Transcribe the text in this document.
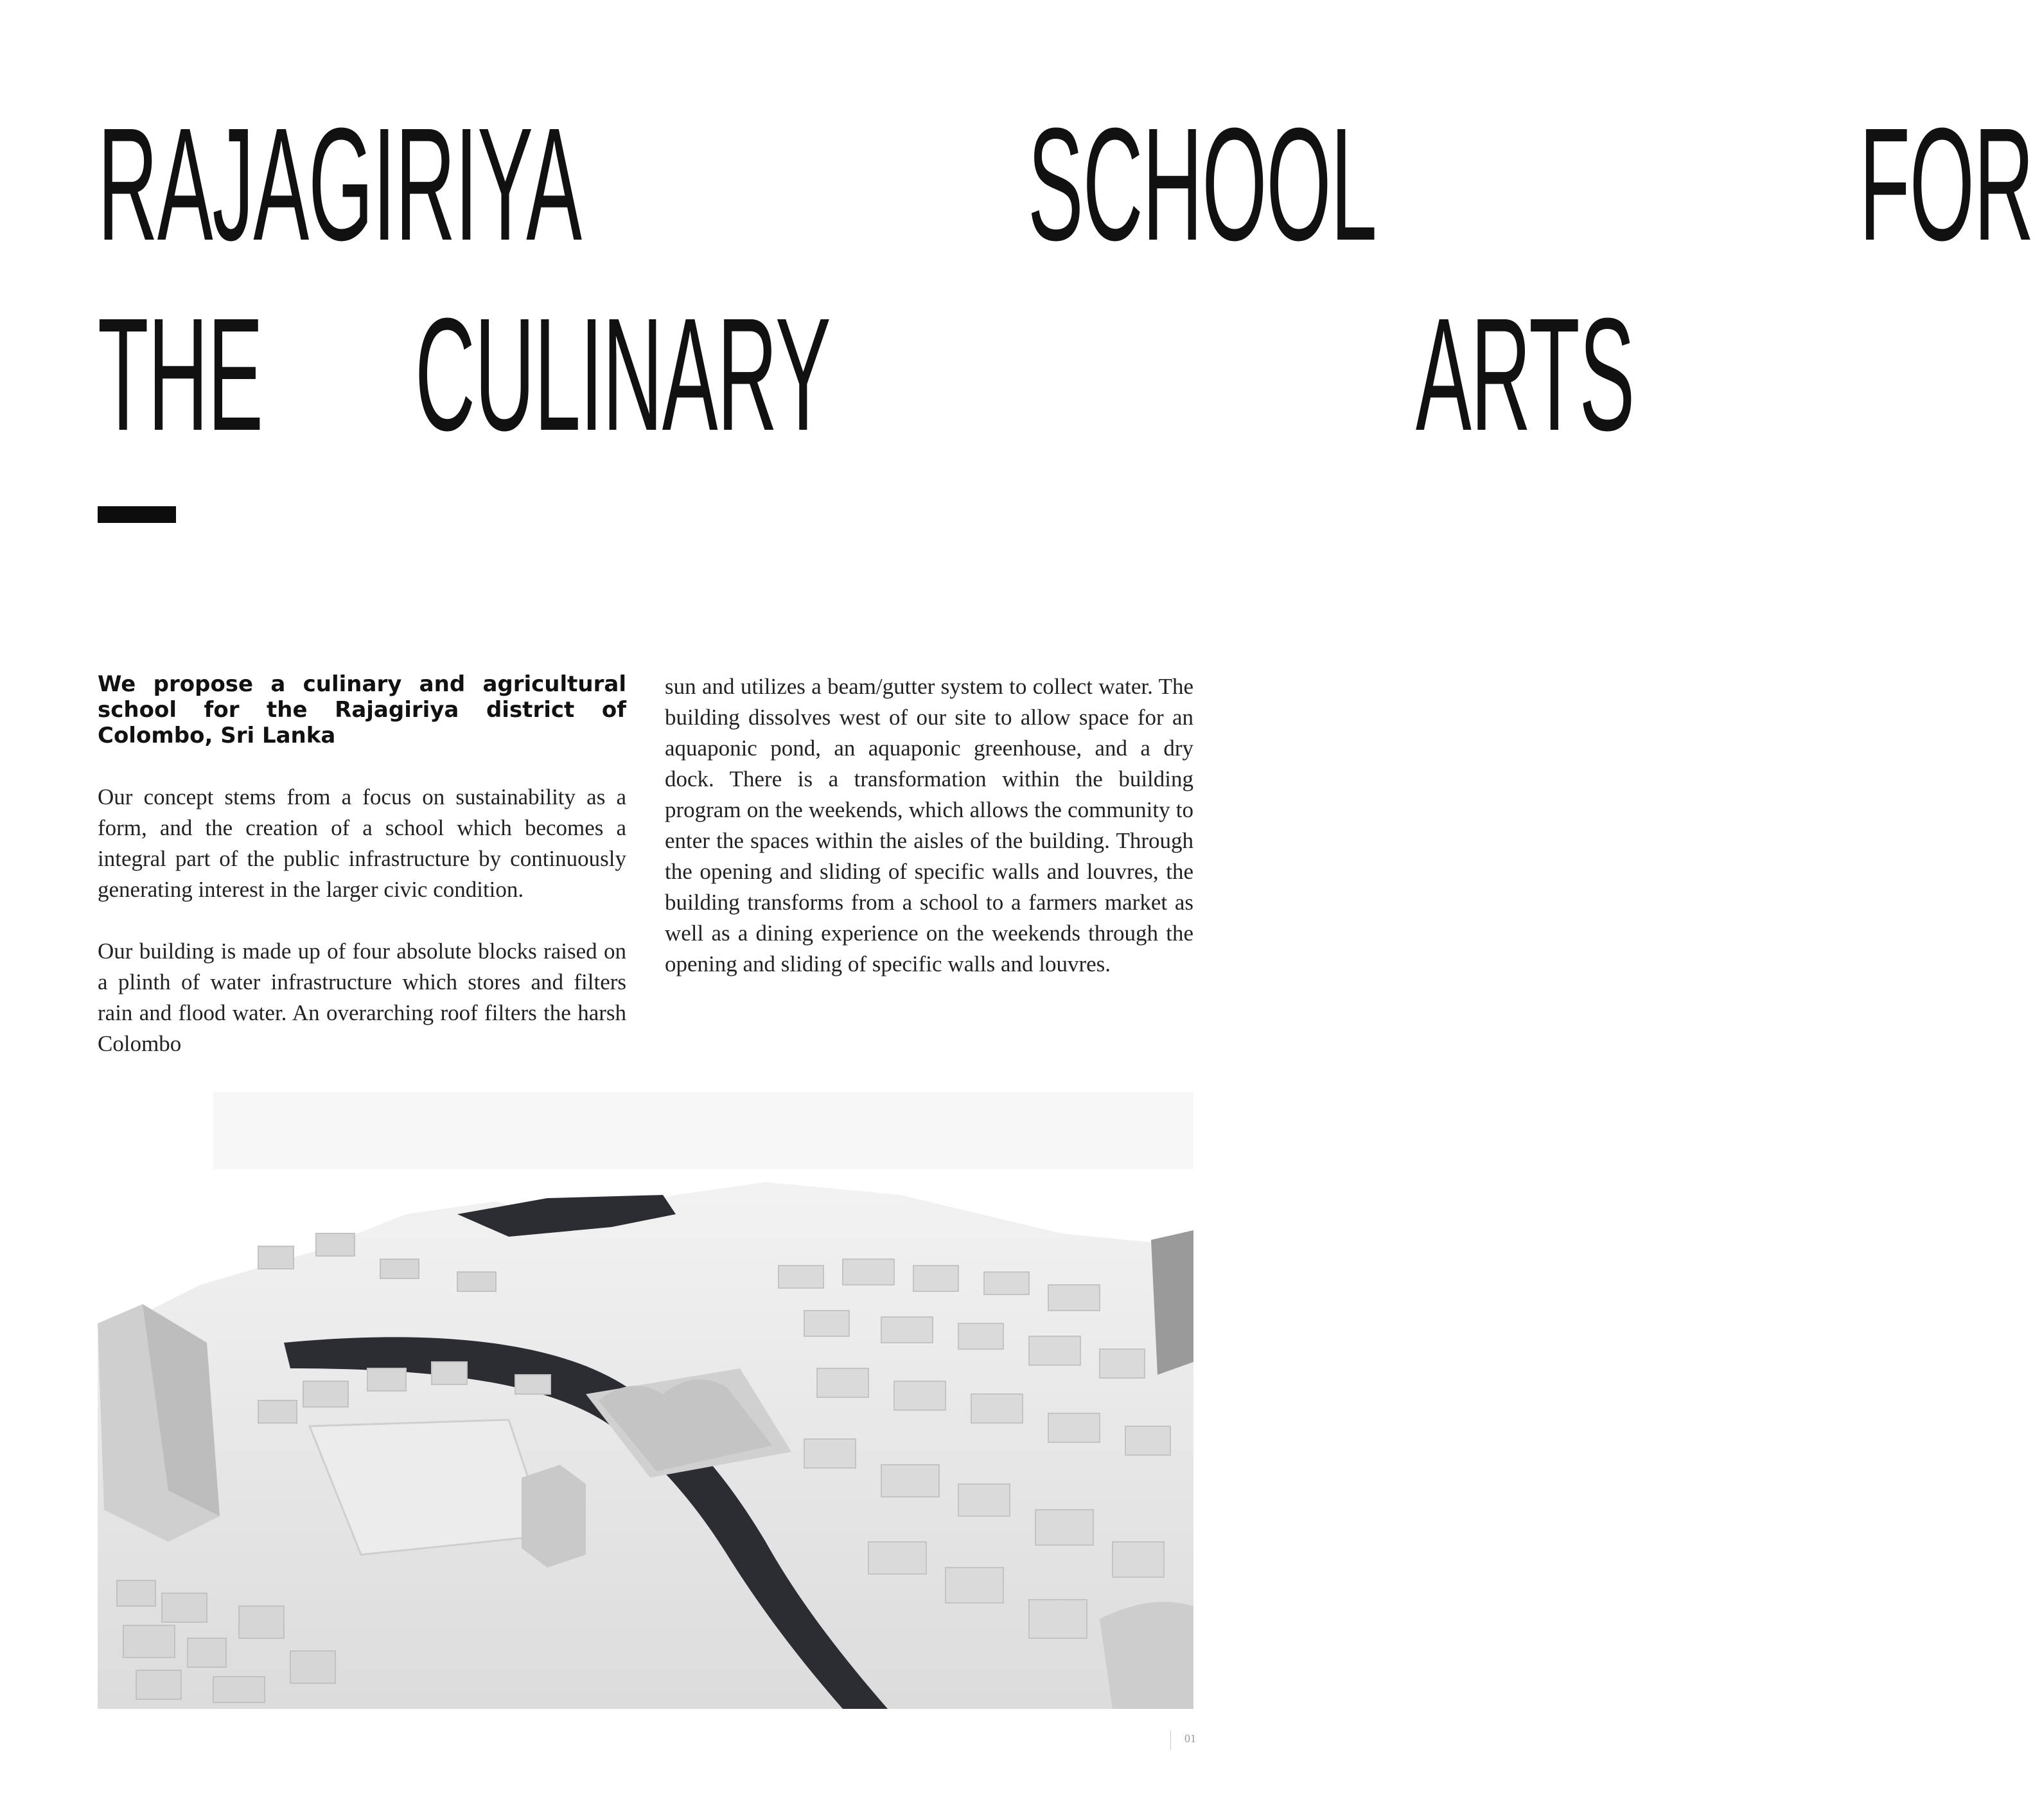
RAJAGIRIYA	SCHOOL	FOR
THE CULINARY	ARTS

We propose a culinary and agricultural school for the Rajagiriya district of Colombo, Sri Lanka

Our concept stems from a focus on sustainability as a form, and the creation of a school which becomes a integral part of the public infrastructure by continuously generating interest in the larger civic condition.

Our building is made up of four absolute blocks raised on a plinth of water infrastructure which stores and filters rain and flood water. An overarching roof filters the harsh Colombo

sun and utilizes a beam/gutter system to collect water. The building dissolves west of our site to allow space for an aquaponic pond, an aquaponic greenhouse, and a dry dock. There is a transformation within the building program on the weekends, which allows the community to enter the spaces within the aisles of the building. Through the opening and sliding of specific walls and louvres, the building transforms from a school to a farmers market as well as a dining experience on the weekends through the opening and sliding of specific walls and louvres.

01
